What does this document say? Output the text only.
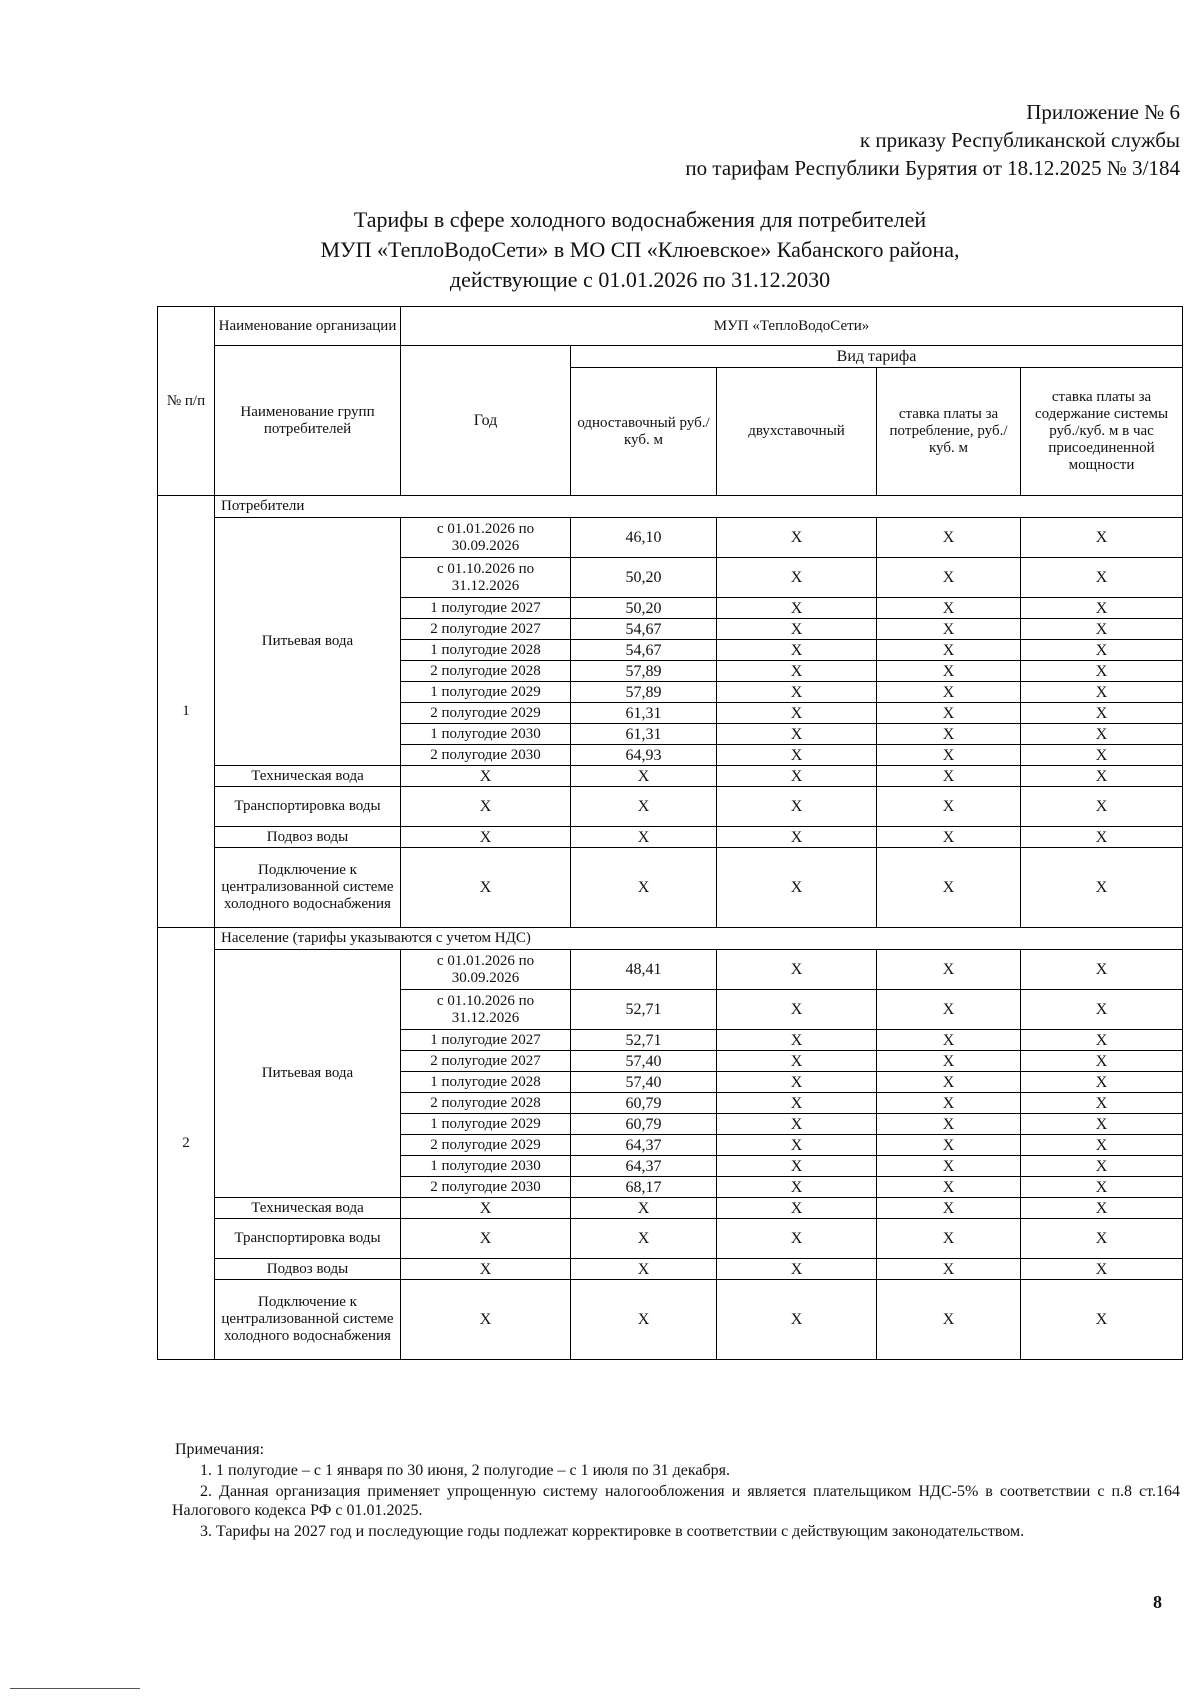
Приложение № 6
к приказу Республиканской службы
по тарифам Республики Бурятия от 18.12.2025 № 3/184
Тарифы в сфере холодного водоснабжения для потребителей
МУП «ТеплоВодоСети» в МО СП «Клюевское» Кабанского района,
действующие с 01.01.2026 по 31.12.2030
№ п/п	Наименование организации	МУП «ТеплоВодоСети»				
	Наименование групп потребителей	Год	Вид тарифа			
			одноставочный руб./ куб. м	двухставочный	ставка платы за потребление, руб./ куб. м	ставка платы за содержание системы руб./куб. м в час присоединенной мощности
1	Потребители					
	Питьевая вода	с 01.01.2026 по 30.09.2026	46,10	X	X	X
		с 01.10.2026 по 31.12.2026	50,20	X	X	X
		1 полугодие 2027	50,20	X	X	X
		2 полугодие 2027	54,67	X	X	X
		1 полугодие 2028	54,67	X	X	X
		2 полугодие 2028	57,89	X	X	X
		1 полугодие 2029	57,89	X	X	X
		2 полугодие 2029	61,31	X	X	X
		1 полугодие 2030	61,31	X	X	X
		2 полугодие 2030	64,93	X	X	X
	Техническая вода	X	X	X	X	X
	Транспортировка воды	X	X	X	X	X
	Подвоз воды	X	X	X	X	X
	Подключение к централизованной системе холодного водоснабжения	X	X	X	X	X
2	Население (тарифы указываются с учетом НДС)					
	Питьевая вода	с 01.01.2026 по 30.09.2026	48,41	X	X	X
		с 01.10.2026 по 31.12.2026	52,71	X	X	X
		1 полугодие 2027	52,71	X	X	X
		2 полугодие 2027	57,40	X	X	X
		1 полугодие 2028	57,40	X	X	X
		2 полугодие 2028	60,79	X	X	X
		1 полугодие 2029	60,79	X	X	X
		2 полугодие 2029	64,37	X	X	X
		1 полугодие 2030	64,37	X	X	X
		2 полугодие 2030	68,17	X	X	X
	Техническая вода	X	X	X	X	X
	Транспортировка воды	X	X	X	X	X
	Подвоз воды	X	X	X	X	X
	Подключение к централизованной системе холодного водоснабжения	X	X	X	X	X
Примечания:

1. 1 полугодие – с 1 января по 30 июня, 2 полугодие – с 1 июля по 31 декабря.

2. Данная организация применяет упрощенную систему налогообложения и является плательщиком НДС-5% в соответствии с п.8 ст.164 Налогового кодекса РФ с 01.01.2025.

3. Тарифы на 2027 год и последующие годы подлежат корректировке в соответствии с действующим законодательством.

8
